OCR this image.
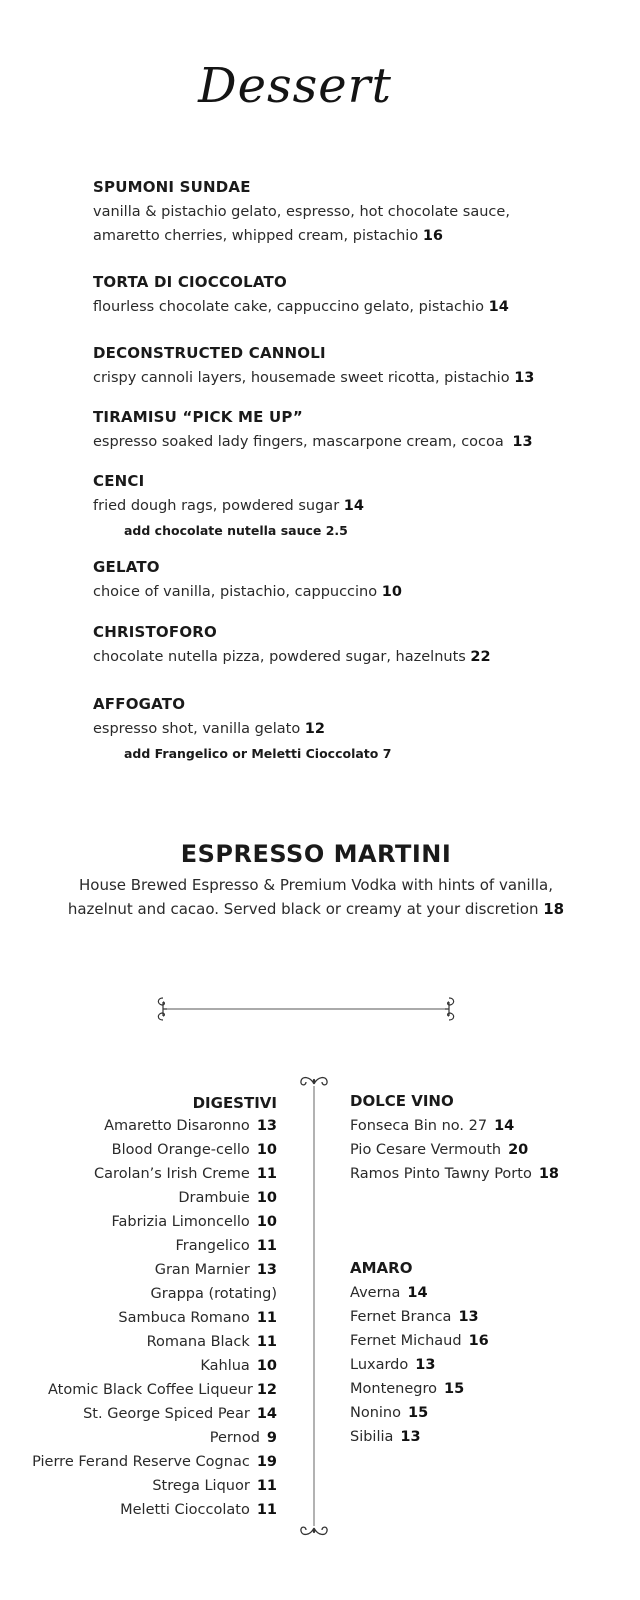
Dessert
SPUMONI SUNDAE
vanilla & pistachio gelato, espresso, hot chocolate sauce,
amaretto cherries, whipped cream, pistachio 16
TORTA DI CIOCCOLATO
flourless chocolate cake, cappuccino gelato, pistachio 14
DECONSTRUCTED CANNOLI
crispy cannoli layers, housemade sweet ricotta, pistachio 13
TIRAMISU “PICK ME UP”
espresso soaked lady fingers, mascarpone cream, cocoa 13
CENCI
fried dough rags, powdered sugar 14
add chocolate nutella sauce 2.5
GELATO
choice of vanilla, pistachio, cappuccino 10
CHRISTOFORO
chocolate nutella pizza, powdered sugar, hazelnuts 22
AFFOGATO
espresso shot, vanilla gelato 12
add Frangelico or Meletti Cioccolato 7
ESPRESSO MARTINI
House Brewed Espresso & Premium Vodka with hints of vanilla,
hazelnut and cacao. Served black or creamy at your discretion 18
DIGESTIVI
Amaretto Disaronno 13
Blood Orange-cello 10
Carolan’s Irish Creme 11
Drambuie 10
Fabrizia Limoncello 10
Frangelico 11
Gran Marnier 13
Grappa (rotating)
Sambuca Romano 11
Romana Black 11
Kahlua 10
Atomic Black Coffee Liqueur 12
St. George Spiced Pear 14
Pernod 9
Pierre Ferand Reserve Cognac 19
Strega Liquor 11
Meletti Cioccolato 11
DOLCE VINO
Fonseca Bin no. 27 14
Pio Cesare Vermouth 20
Ramos Pinto Tawny Porto 18
AMARO
Averna 14
Fernet Branca 13
Fernet Michaud 16
Luxardo 13
Montenegro 15
Nonino 15
Sibilia 13
